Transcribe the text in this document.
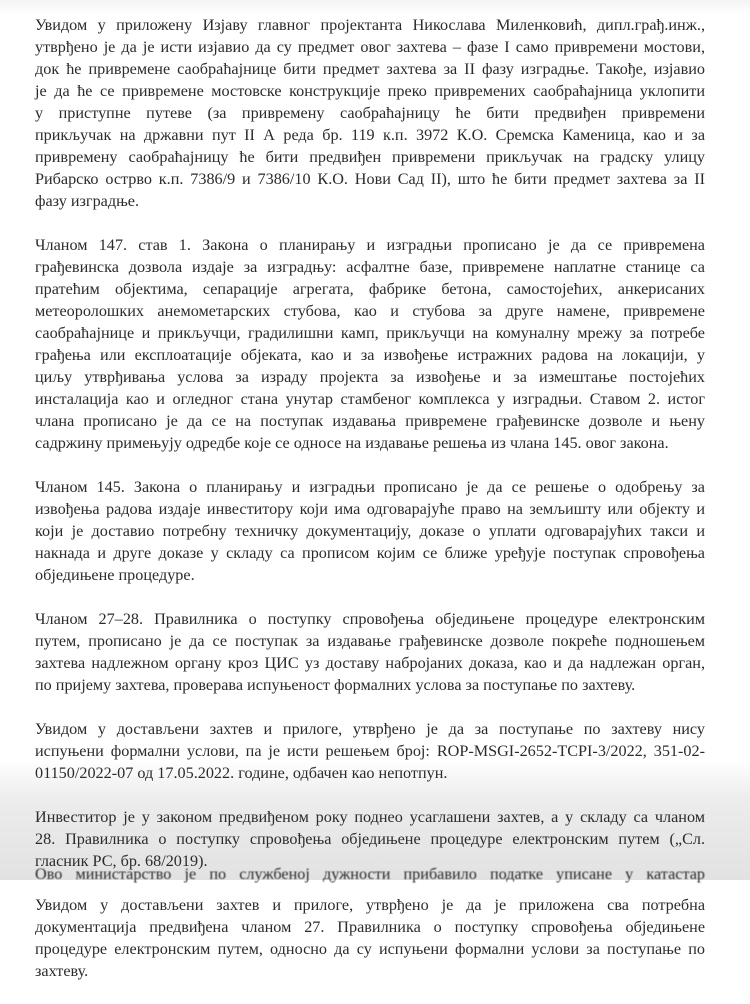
Увидом у приложену Изјаву главног пројектанта Никослава Миленковић, дипл.грађ.инж.,
утврђено је да је исти изјавио да су предмет овог захтева – фазе I само привремени мостови,
док ће привремене саобраћајнице бити предмет захтева за II фазу изградње. Такође, изјавио
је да ће се привремене мостовске конструкције преко привремених саобраћајница уклопити
у приступне путеве (за привремену саобраћајницу ће бити предвиђен привремени
прикључак на државни пут II А реда бр. 119 к.п. 3972 К.О. Сремска Каменица, као и за
привремену саобраћајницу ће бити предвиђен привремени прикључак на градску улицу
Рибарско острво к.п. 7386/9 и 7386/10 К.О. Нови Сад II), што ће бити предмет захтева за II
фазу изградње.
Чланом 147. став 1. Закона о планирању и изградњи прописано је да се привремена
грађевинска дозвола издаје за изградњу: асфалтне базе, привремене наплатне станице са
пратећим објектима, сепарације агрегата, фабрике бетона, самостојећих, анкерисаних
метеоролошких анемометарских стубова, као и стубова за друге намене, привремене
саобраћајнице и прикључци, градилишни камп, прикључци на комуналну мрежу за потребе
грађења или експлоатације објеката, као и за извођење истражних радова на локацији, у
циљу утврђивања услова за израду пројекта за извођење и за измештање постојећих
инсталација као и огледног стана унутар стамбеног комплекса у изградњи. Ставом 2. истог
члана прописано је да се на поступак издавања привремене грађевинске дозволе и њену
садржину примењују одредбе које се односе на издавање решења из члана 145. овог закона.
Чланом 145. Закона о планирању и изградњи прописано је да се решење о одобрењу за
извођења радова издаје инвеститору који има одговарајуће право на земљишту или објекту и
који је доставио потребну техничку документацију, доказе о уплати одговарајућих такси и
накнада и друге доказе у складу са прописом којим се ближе уређује поступак спровођења
обједињене процедуре.
Чланом 27–28. Правилника о поступку спровођења обједињене процедуре електронским
путем, прописано је да се поступак за издавање грађевинске дозволе покреће подношењем
захтева надлежном органу кроз ЦИС уз доставу набројаних доказа, као и да надлежан орган,
по пријему захтева, проверава испуњеност формалних услова за поступање по захтеву.
Увидом у достављени захтев и прилоге, утврђено је да за поступање по захтеву нису
испуњени формални услови, па је исти решењем број: ROP-MSGI-2652-TCPI-3/2022, 351-02-
01150/2022-07 од 17.05.2022. године, одбачен као непотпун.
Инвеститор је у законом предвиђеном року поднео усаглашени захтев, а у складу са чланом
28. Правилника о поступку спровођења обједињене процедуре електронским путем („Сл.
гласник РС, бр. 68/2019).
Увидом у достављени захтев и прилоге, утврђено је да је приложена сва потребна
документација предвиђена чланом 27. Правилника о поступку спровођења обједињене
процедуре електронским путем, односно да су испуњени формални услови за поступање по
захтеву.
Ово министарство је по службеној дужности прибавило податке уписане у катастар
